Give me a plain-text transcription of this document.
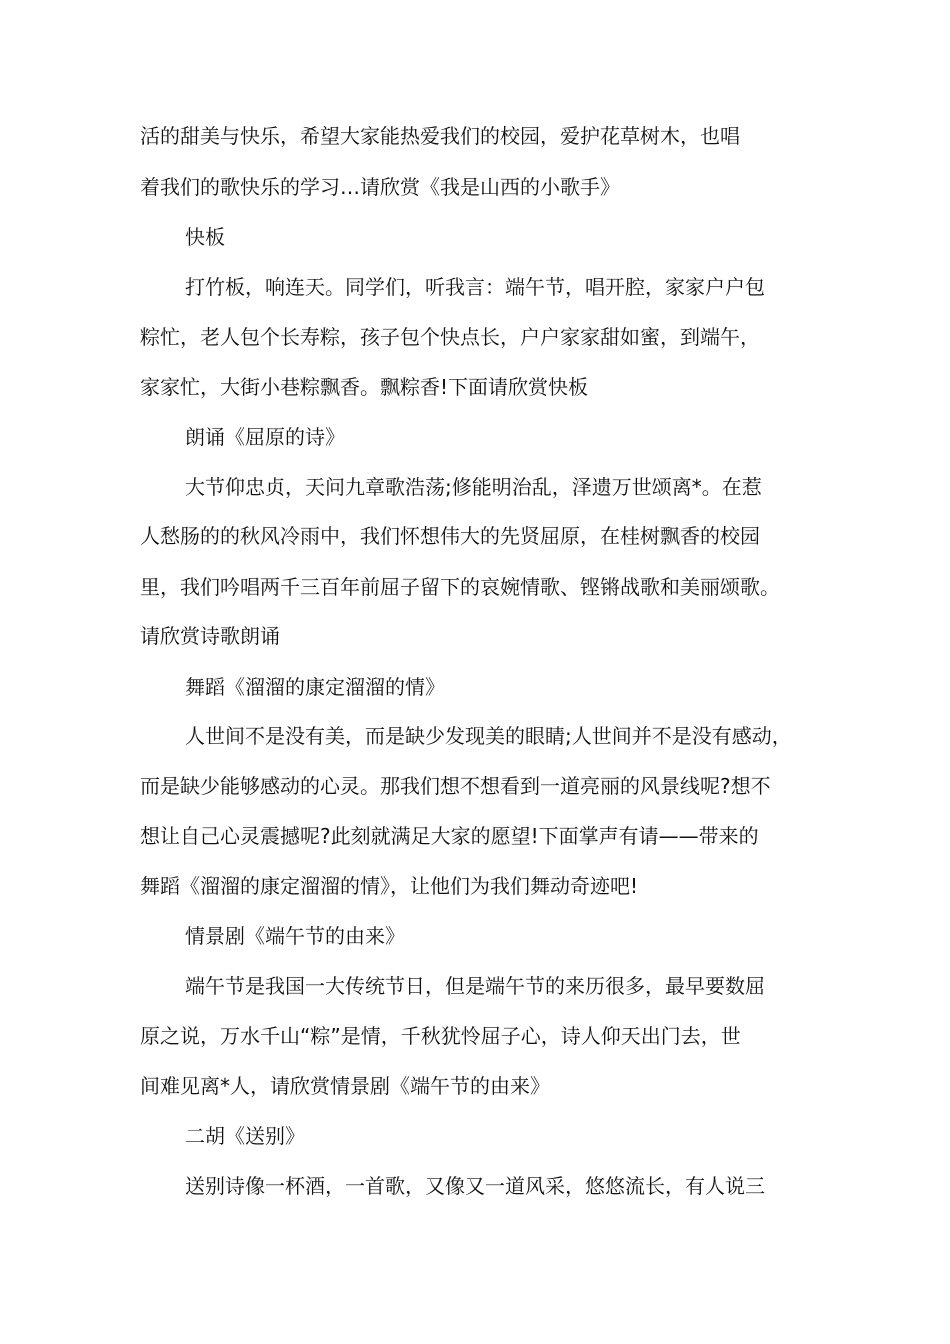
活的甜美与快乐，希望大家能热爱我们的校园，爱护花草树木，也唱
着我们的歌快乐的学习…请欣赏《我是山西的小歌手》
快板
打竹板，响连天。同学们，听我言：端午节，唱开腔，家家户户包
粽忙，老人包个长寿粽，孩子包个快点长，户户家家甜如蜜，到端午，
家家忙，大街小巷粽飘香。飘粽香!下面请欣赏快板
朗诵《屈原的诗》
大节仰忠贞，天问九章歌浩荡;修能明治乱，泽遗万世颂离*。在惹
人愁肠的的秋风冷雨中，我们怀想伟大的先贤屈原，在桂树飘香的校园
里，我们吟唱两千三百年前屈子留下的哀婉情歌、铿锵战歌和美丽颂歌。
请欣赏诗歌朗诵
舞蹈《溜溜的康定溜溜的情》
人世间不是没有美，而是缺少发现美的眼睛;人世间并不是没有感动，
而是缺少能够感动的心灵。那我们想不想看到一道亮丽的风景线呢?想不
想让自己心灵震撼呢?此刻就满足大家的愿望!下面掌声有请——带来的
舞蹈《溜溜的康定溜溜的情》，让他们为我们舞动奇迹吧!
情景剧《端午节的由来》
端午节是我国一大传统节日，但是端午节的来历很多，最早要数屈
原之说，万水千山“粽”是情，千秋犹怜屈子心，诗人仰天出门去，世
间难见离*人，请欣赏情景剧《端午节的由来》
二胡《送别》
送别诗像一杯酒，一首歌，又像又一道风采，悠悠流长，有人说三
